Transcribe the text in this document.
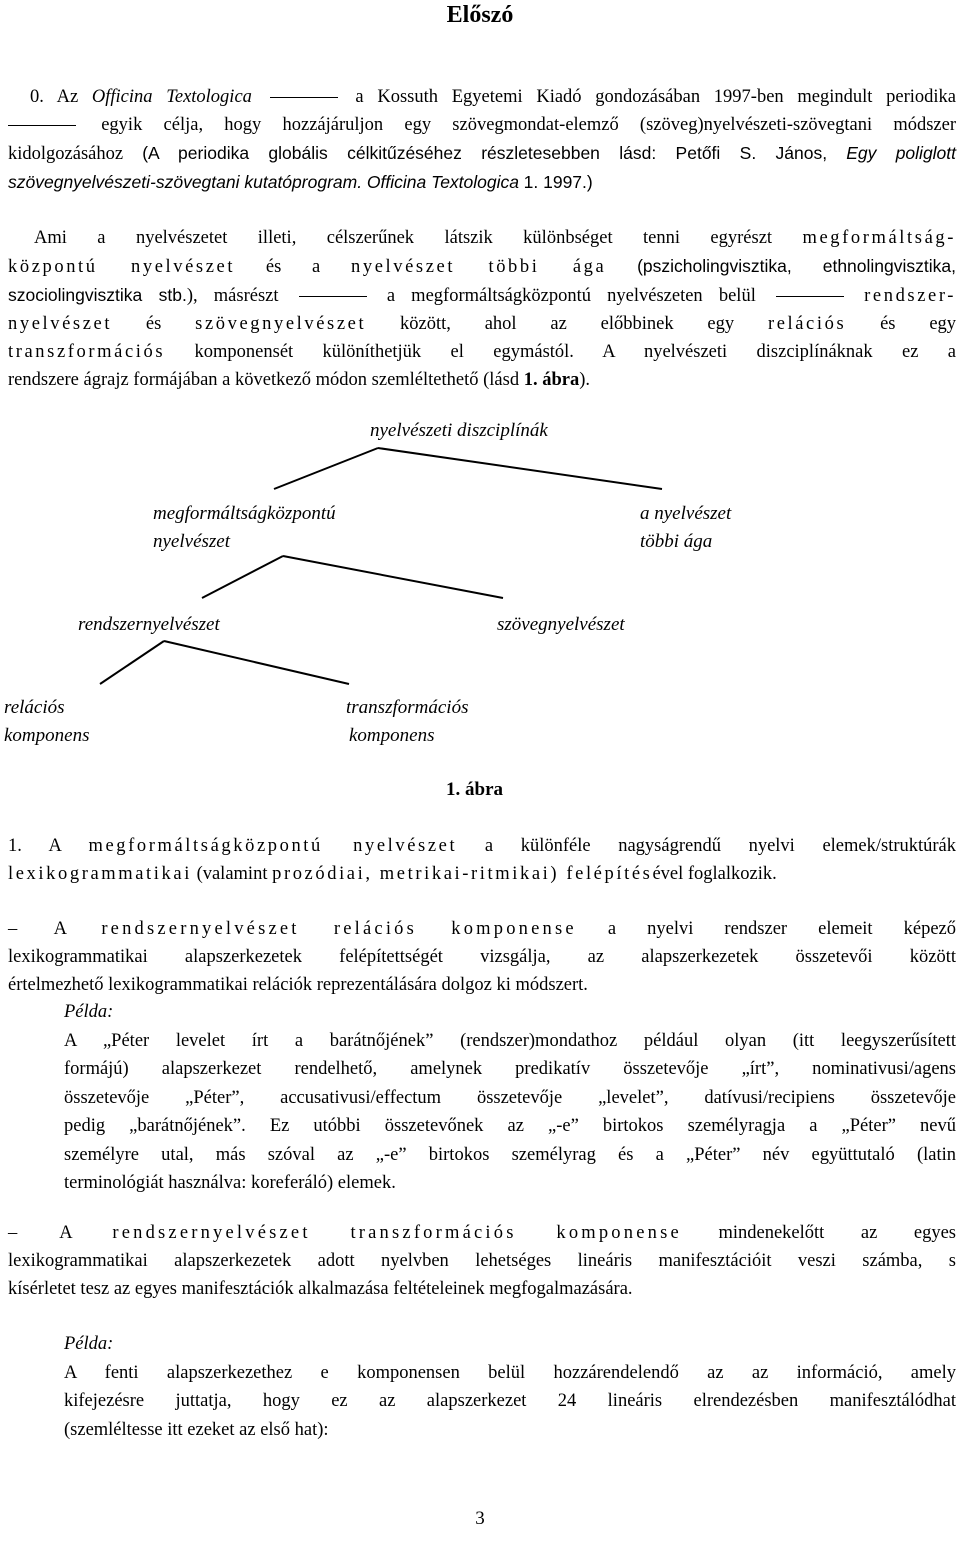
Előszó
0. Az Officina Textologica	a Kossuth Egyetemi Kiadó gondozásában 1997-ben megindult periodika
egyik célja, hogy hozzájáruljon egy szövegmondat-elemző (szöveg)nyelvészeti-szövegtani módszer
kidolgozásához (A periodika globális célkitűzéséhez részletesebben lásd: Petőfi S. János, Egy poliglott
szövegnyelvészeti-szövegtani kutatóprogram. Officina Textologica 1. 1997.)
Ami a nyelvészetet illeti, célszerűnek látszik különbséget tenni egyrészt megformáltság-
központú nyelvészet és a nyelvészet többi ága (pszicholingvisztika, ethnolingvisztika,
szociolingvisztika stb.), másrészt	a megformáltságközpontú nyelvészeten belül	rendszer-
nyelvészet és szövegnyelvészet között, ahol az előbbinek egy relációs és egy
transzformációs komponensét különíthetjük el egymástól. A nyelvészeti diszciplínáknak ez a
rendszere ágrajz formájában a következő módon szemléltethető (lásd 1. ábra).
nyelvészeti diszciplínák
megformáltságközpontú
nyelvészet
a nyelvészet
többi ága
rendszernyelvészet	szövegnyelvészet
relációs
komponens
transzformációs
komponens
1. ábra
1. A megformáltságközpontú nyelvészet a különféle nagyságrendű nyelvi elemek/struktúrák
lexikogrammatikai (valamint prozódiai, metrikai-ritmikai) felépítésével foglalkozik.
– A rendszernyelvészet relációs komponense a nyelvi rendszer elemeit képező
lexikogrammatikai alapszerkezetek felépítettségét vizsgálja, az alapszerkezetek összetevői között
értelmezhető lexikogrammatikai relációk reprezentálására dolgoz ki módszert.
Példa:
A „Péter levelet írt a barátnőjének” (rendszer)mondathoz például olyan (itt leegyszerűsített
formájú) alapszerkezet rendelhető, amelynek predikatív összetevője „írt”, nominativusi/agens
összetevője „Péter”, accusativusi/effectum összetevője „levelet”, datívusi/recipiens összetevője
pedig „barátnőjének”. Ez utóbbi összetevőnek az „-e” birtokos személyragja a „Péter” nevű
személyre utal, más szóval az „-e” birtokos személyrag és a „Péter” név együttutaló (latin
terminológiát használva: koreferáló) elemek.
– A rendszernyelvészet transzformációs komponense mindenekelőtt az egyes
lexikogrammatikai alapszerkezetek adott nyelvben lehetséges lineáris manifesztációit veszi számba, s
kísérletet tesz az egyes manifesztációk alkalmazása feltételeinek megfogalmazására.
Példa:
A fenti alapszerkezethez e komponensen belül hozzárendelendő az az információ, amely
kifejezésre juttatja, hogy ez az alapszerkezet 24 lineáris elrendezésben manifesztálódhat
(szemléltesse itt ezeket az első hat):
3
